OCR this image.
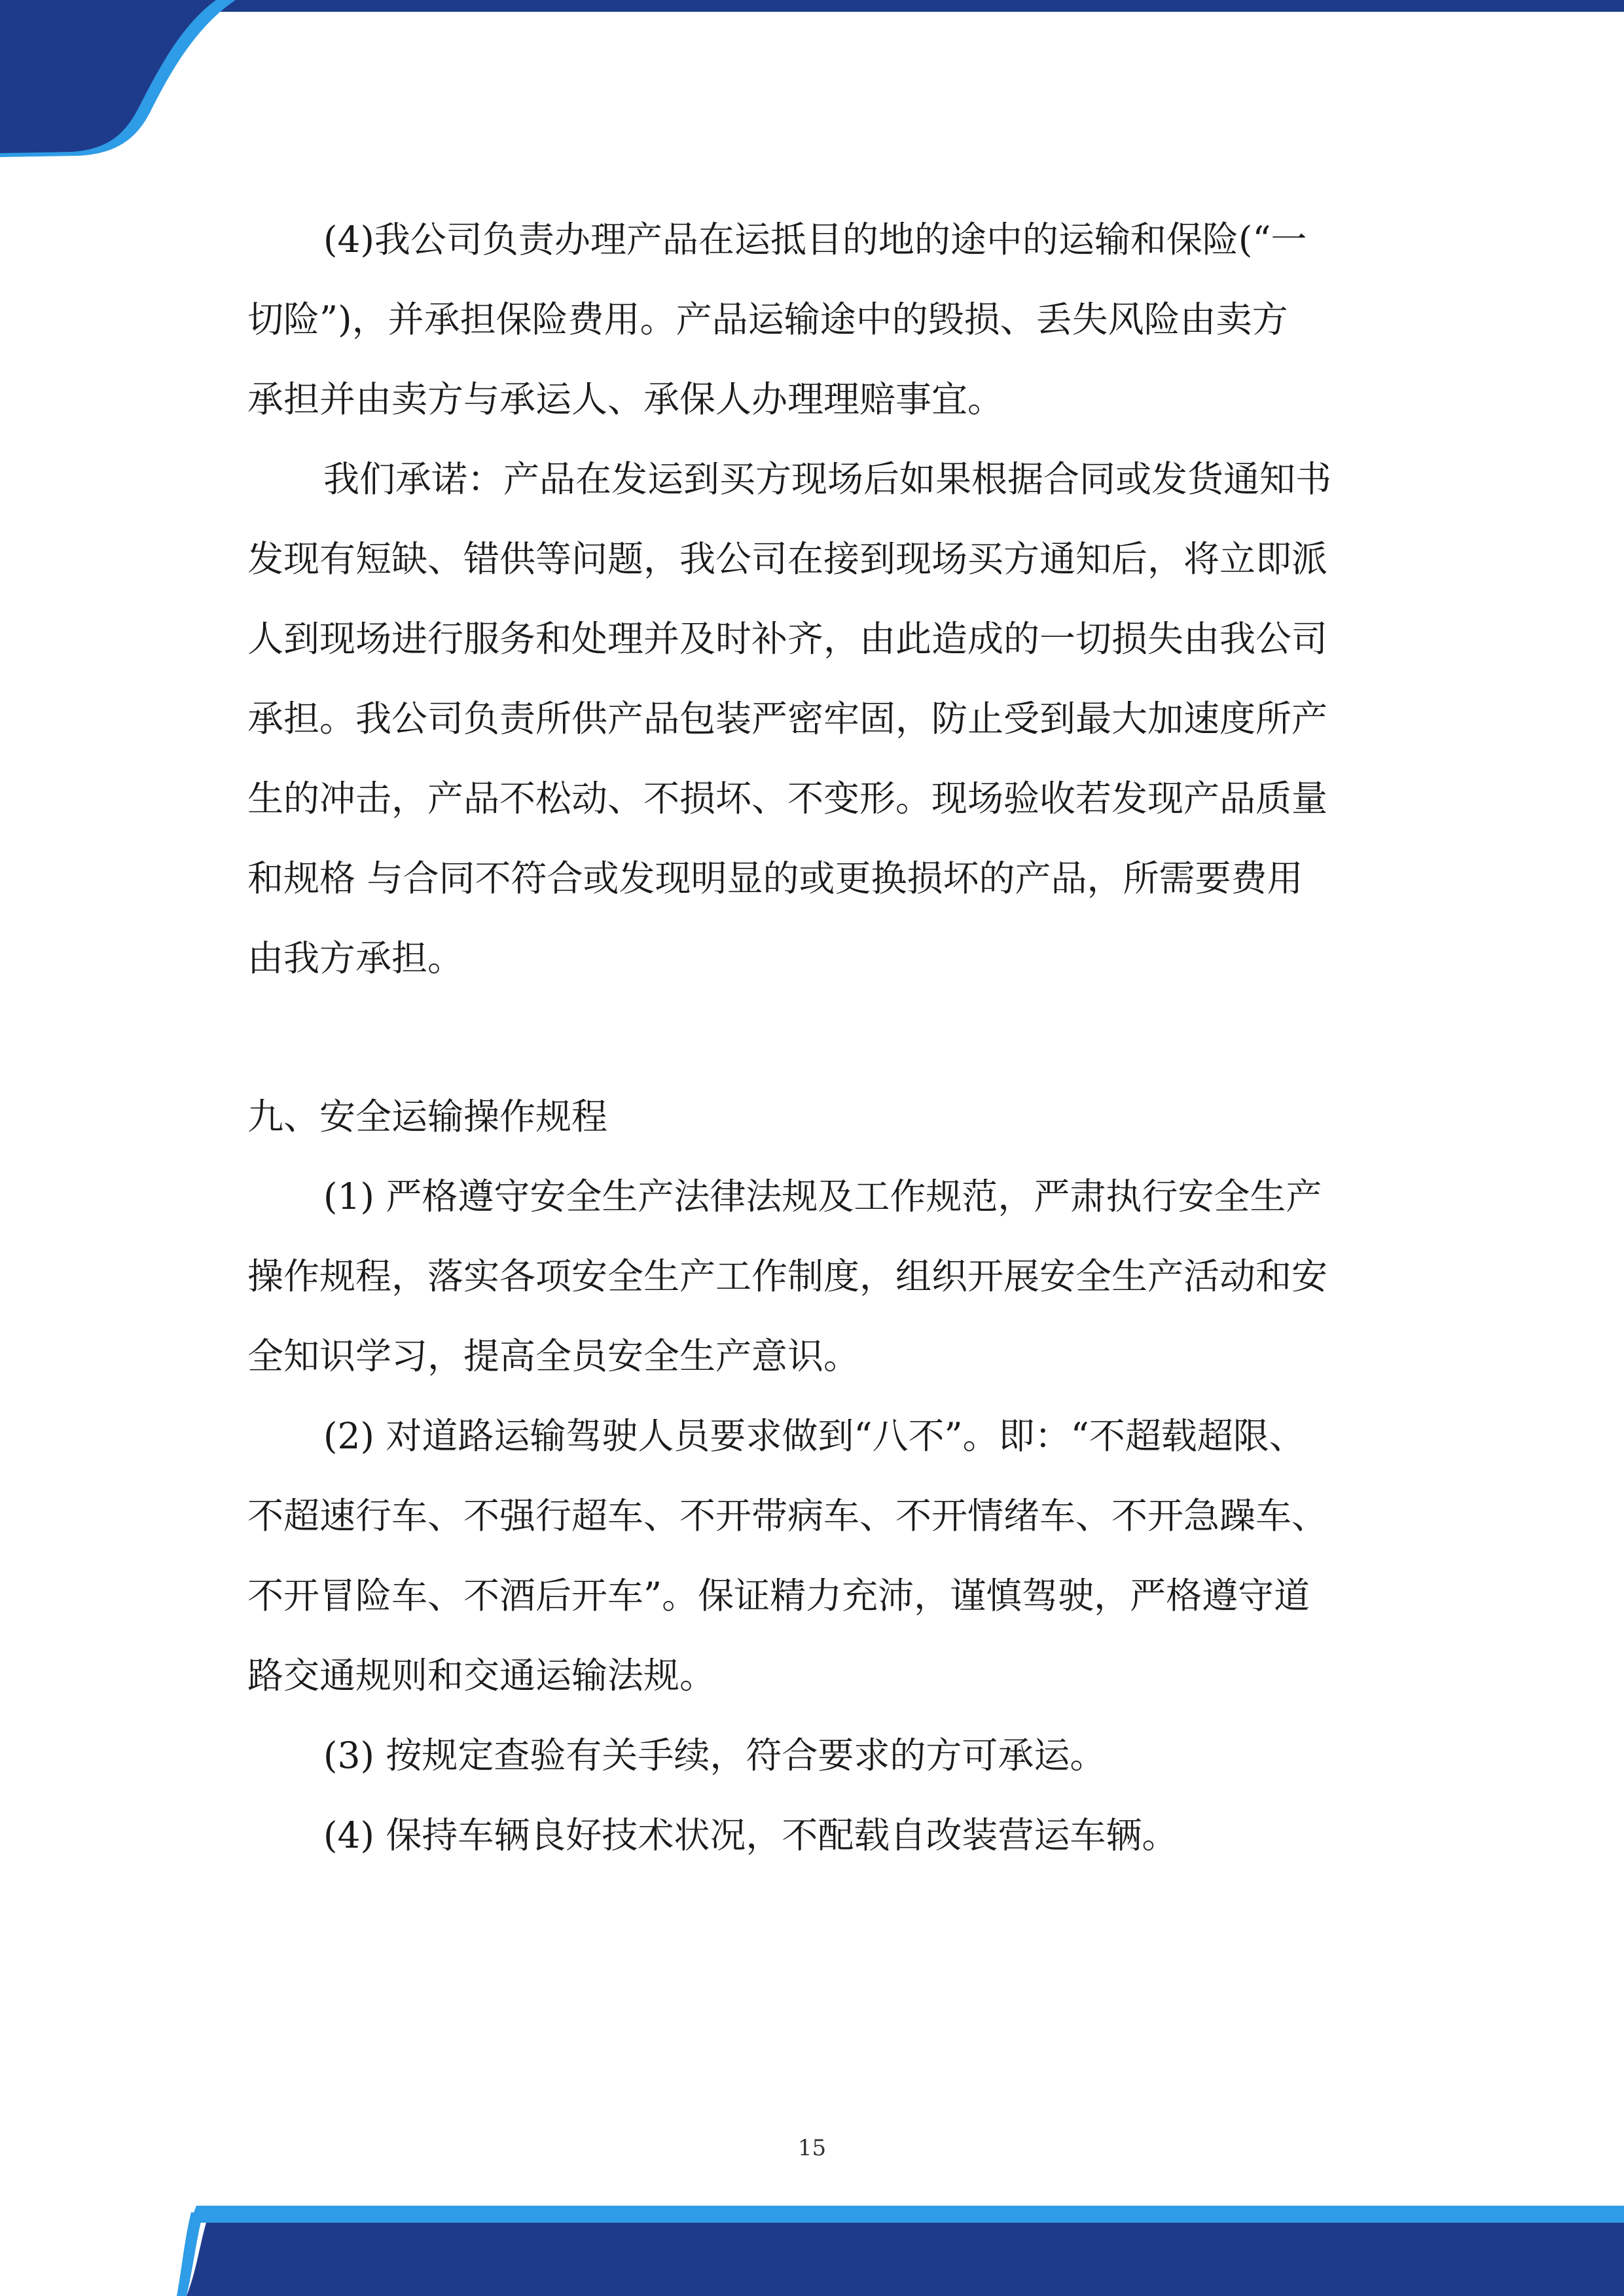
(4)我公司负责办理产品在运抵目的地的途中的运输和保险(“一
切险”)，并承担保险费用。产品运输途中的毁损、丢失风险由卖方
承担并由卖方与承运人、承保人办理理赔事宜。
我们承诺：产品在发运到买方现场后如果根据合同或发货通知书
发现有短缺、错供等问题，我公司在接到现场买方通知后，将立即派
人到现场进行服务和处理并及时补齐，由此造成的一切损失由我公司
承担。我公司负责所供产品包装严密牢固，防止受到最大加速度所产
生的冲击，产品不松动、不损坏、不变形。现场验收若发现产品质量
和规格 与合同不符合或发现明显的或更换损坏的产品，所需要费用
由我方承担。
九、安全运输操作规程
(1) 严格遵守安全生产法律法规及工作规范，严肃执行安全生产
操作规程，落实各项安全生产工作制度，组织开展安全生产活动和安
全知识学习，提高全员安全生产意识。
(2) 对道路运输驾驶人员要求做到“八不”。即：“不超载超限、
不超速行车、不强行超车、不开带病车、不开情绪车、不开急躁车、
不开冒险车、不酒后开车”。保证精力充沛，谨慎驾驶，严格遵守道
路交通规则和交通运输法规。
(3) 按规定查验有关手续，符合要求的方可承运。
(4) 保持车辆良好技术状况，不配载自改装营运车辆。
15
